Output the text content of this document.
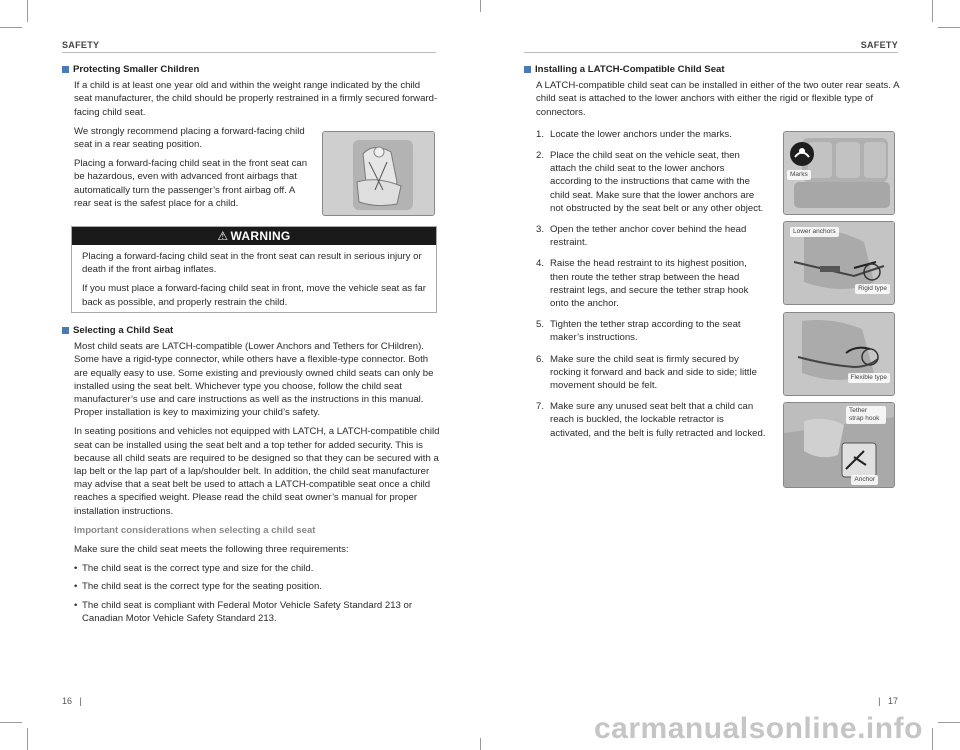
SAFETY
Protecting Smaller Children

If a child is at least one year old and within the weight range indicated by the child seat manufacturer, the child should be properly restrained in a firmly secured forward-facing child seat.

We strongly recommend placing a forward-facing child seat in a rear seating position.

Placing a forward-facing child seat in the front seat can be hazardous, even with advanced front airbags that automatically turn the passenger’s front airbag off. A rear seat is the safest place for a child.

⚠ WARNING

Placing a forward-facing child seat in the front seat can result in serious injury or death if the front airbag inflates.

If you must place a forward-facing child seat in front, move the vehicle seat as far back as possible, and properly restrain the child.

Selecting a Child Seat

Most child seats are LATCH-compatible (Lower Anchors and Tethers for CHildren). Some have a rigid-type connector, while others have a flexible-type connector. Both are equally easy to use. Some existing and previously owned child seats can only be installed using the seat belt. Whichever type you choose, follow the child seat manufacturer’s use and care instructions as well as the instructions in this manual. Proper installation is key to maximizing your child’s safety.

In seating positions and vehicles not equipped with LATCH, a LATCH-compatible child seat can be installed using the seat belt and a top tether for added security. This is because all child seats are required to be designed so that they can be secured with a lap belt or the lap part of a lap/shoulder belt. In addition, the child seat manufacturer may advise that a seat belt be used to attach a LATCH-compatible seat once a child reaches a specified weight. Please read the child seat owner’s manual for proper installation instructions.

Important considerations when selecting a child seat

Make sure the child seat meets the following three requirements:

• The child seat is the correct type and size for the child.
• The child seat is the correct type for the seating position.
• The child seat is compliant with Federal Motor Vehicle Safety Standard 213 or Canadian Motor Vehicle Safety Standard 213.
16   |
SAFETY
Installing a LATCH-Compatible Child Seat

A LATCH-compatible child seat can be installed in either of the two outer rear seats. A child seat is attached to the lower anchors with either the rigid or flexible type of connectors.

1. Locate the lower anchors under the marks.
2. Place the child seat on the vehicle seat, then attach the child seat to the lower anchors according to the instructions that came with the child seat. Make sure that the lower anchors are not obstructed by the seat belt or any other object.
3. Open the tether anchor cover behind the head restraint.
4. Raise the head restraint to its highest position, then route the tether strap between the head restraint legs, and secure the tether strap hook onto the anchor.
5. Tighten the tether strap according to the seat maker’s instructions.
6. Make sure the child seat is firmly secured by rocking it forward and back and side to side; little movement should be felt.
7. Make sure any unused seat belt that a child can reach is buckled, the lockable retractor is activated, and the belt is fully retracted and locked.
Marks
Lower anchors
Rigid type
Flexible type
Tether strap hook
Anchor
|   17
carmanualsonline.info
